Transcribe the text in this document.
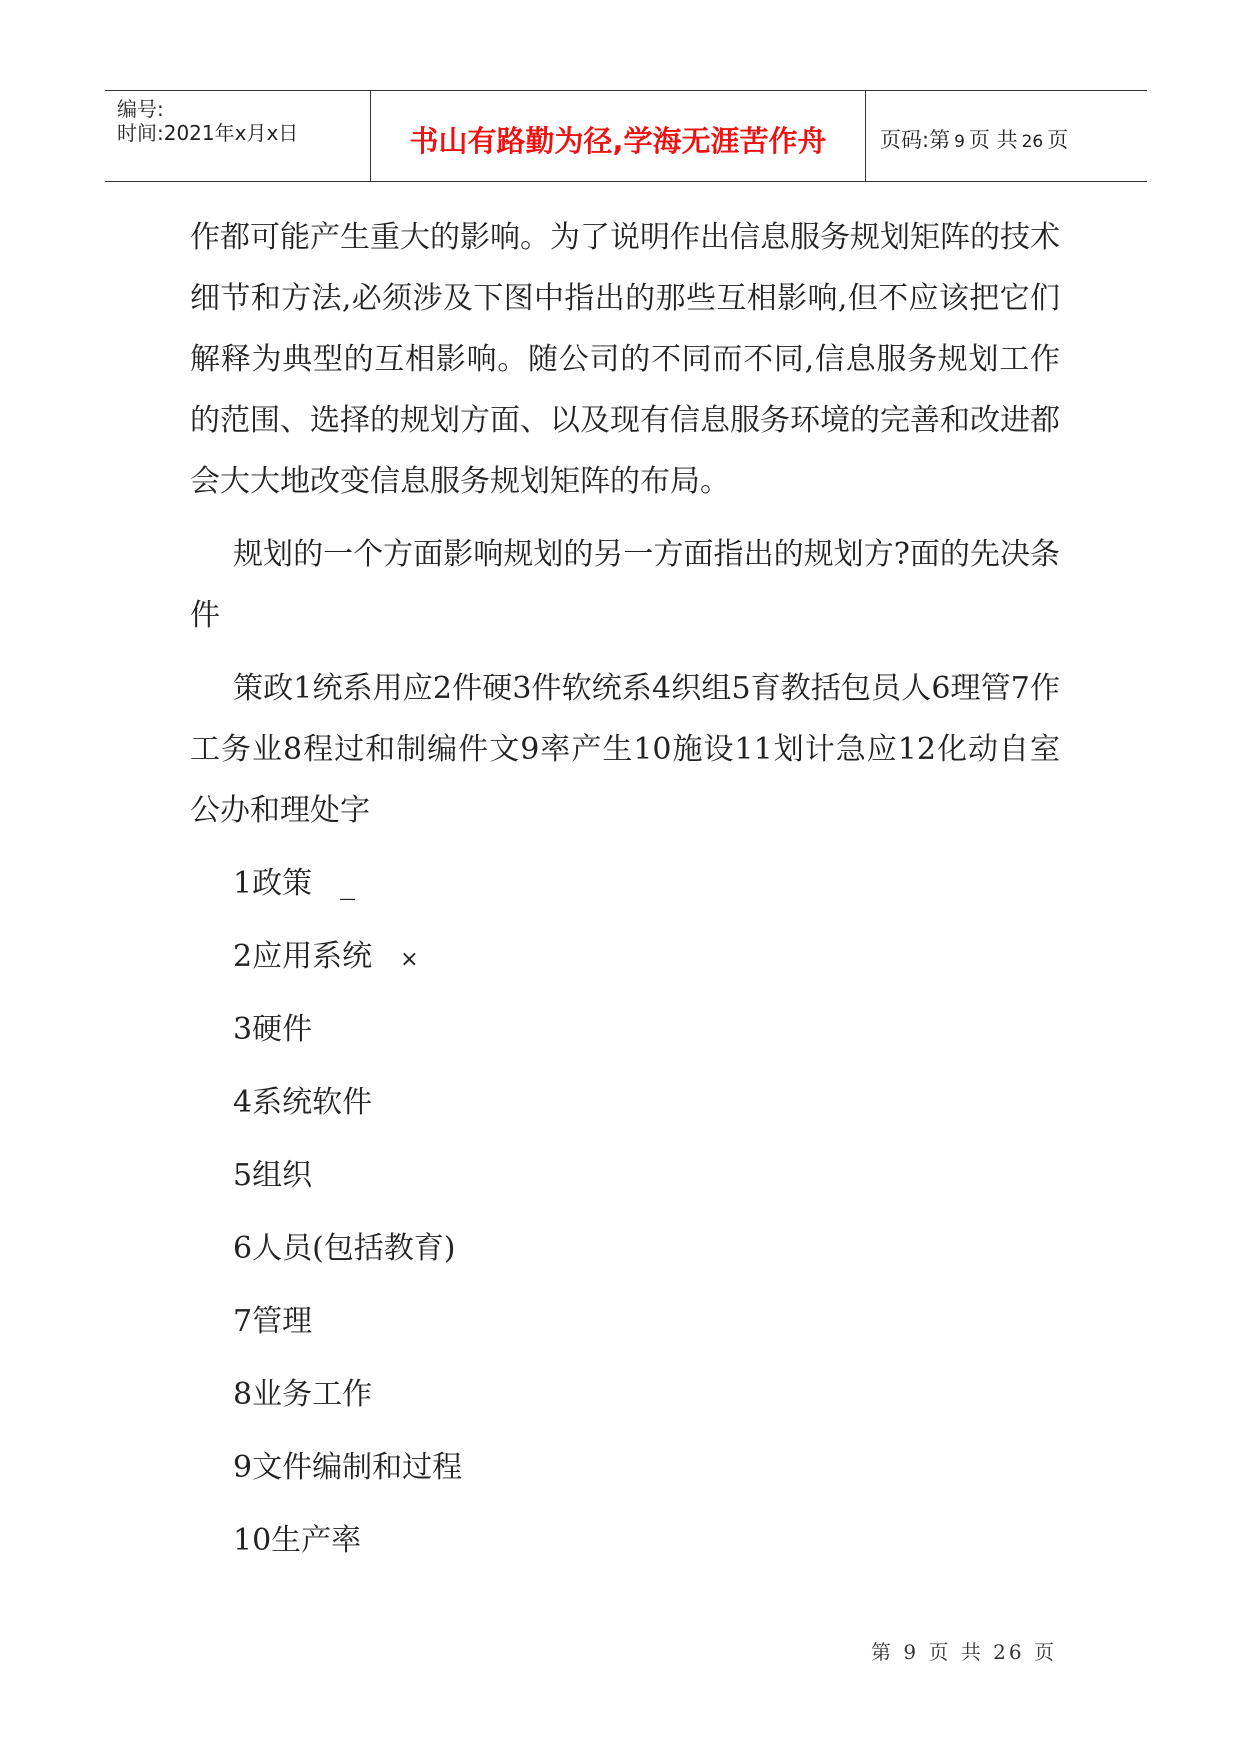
编号:
时间:2021年x月x日	书山有路勤为径,学海无涯苦作舟	页码:第 9 页 共 26 页

作都可能产生重大的影响。为了说明作出信息服务规划矩阵的技术细节和方法,必须涉及下图中指出的那些互相影响,但不应该把它们解释为典型的互相影响。随公司的不同而不同,信息服务规划工作的范围、选择的规划方面、以及现有信息服务环境的完善和改进都会大大地改变信息服务规划矩阵的布局。

规划的一个方面影响规划的另一方面指出的规划方?面的先决条件

策政1统系用应2件硬3件软统系4织组5育教括包员人6理管7作工务业8程过和制编件文9率产生10施设11划计急应12化动自室公办和理处字

1政策 _
2应用系统 ×
3硬件
4系统软件
5组织
6人员(包括教育)
7管理
8业务工作
9文件编制和过程
10生产率
第 9 页 共 26 页
